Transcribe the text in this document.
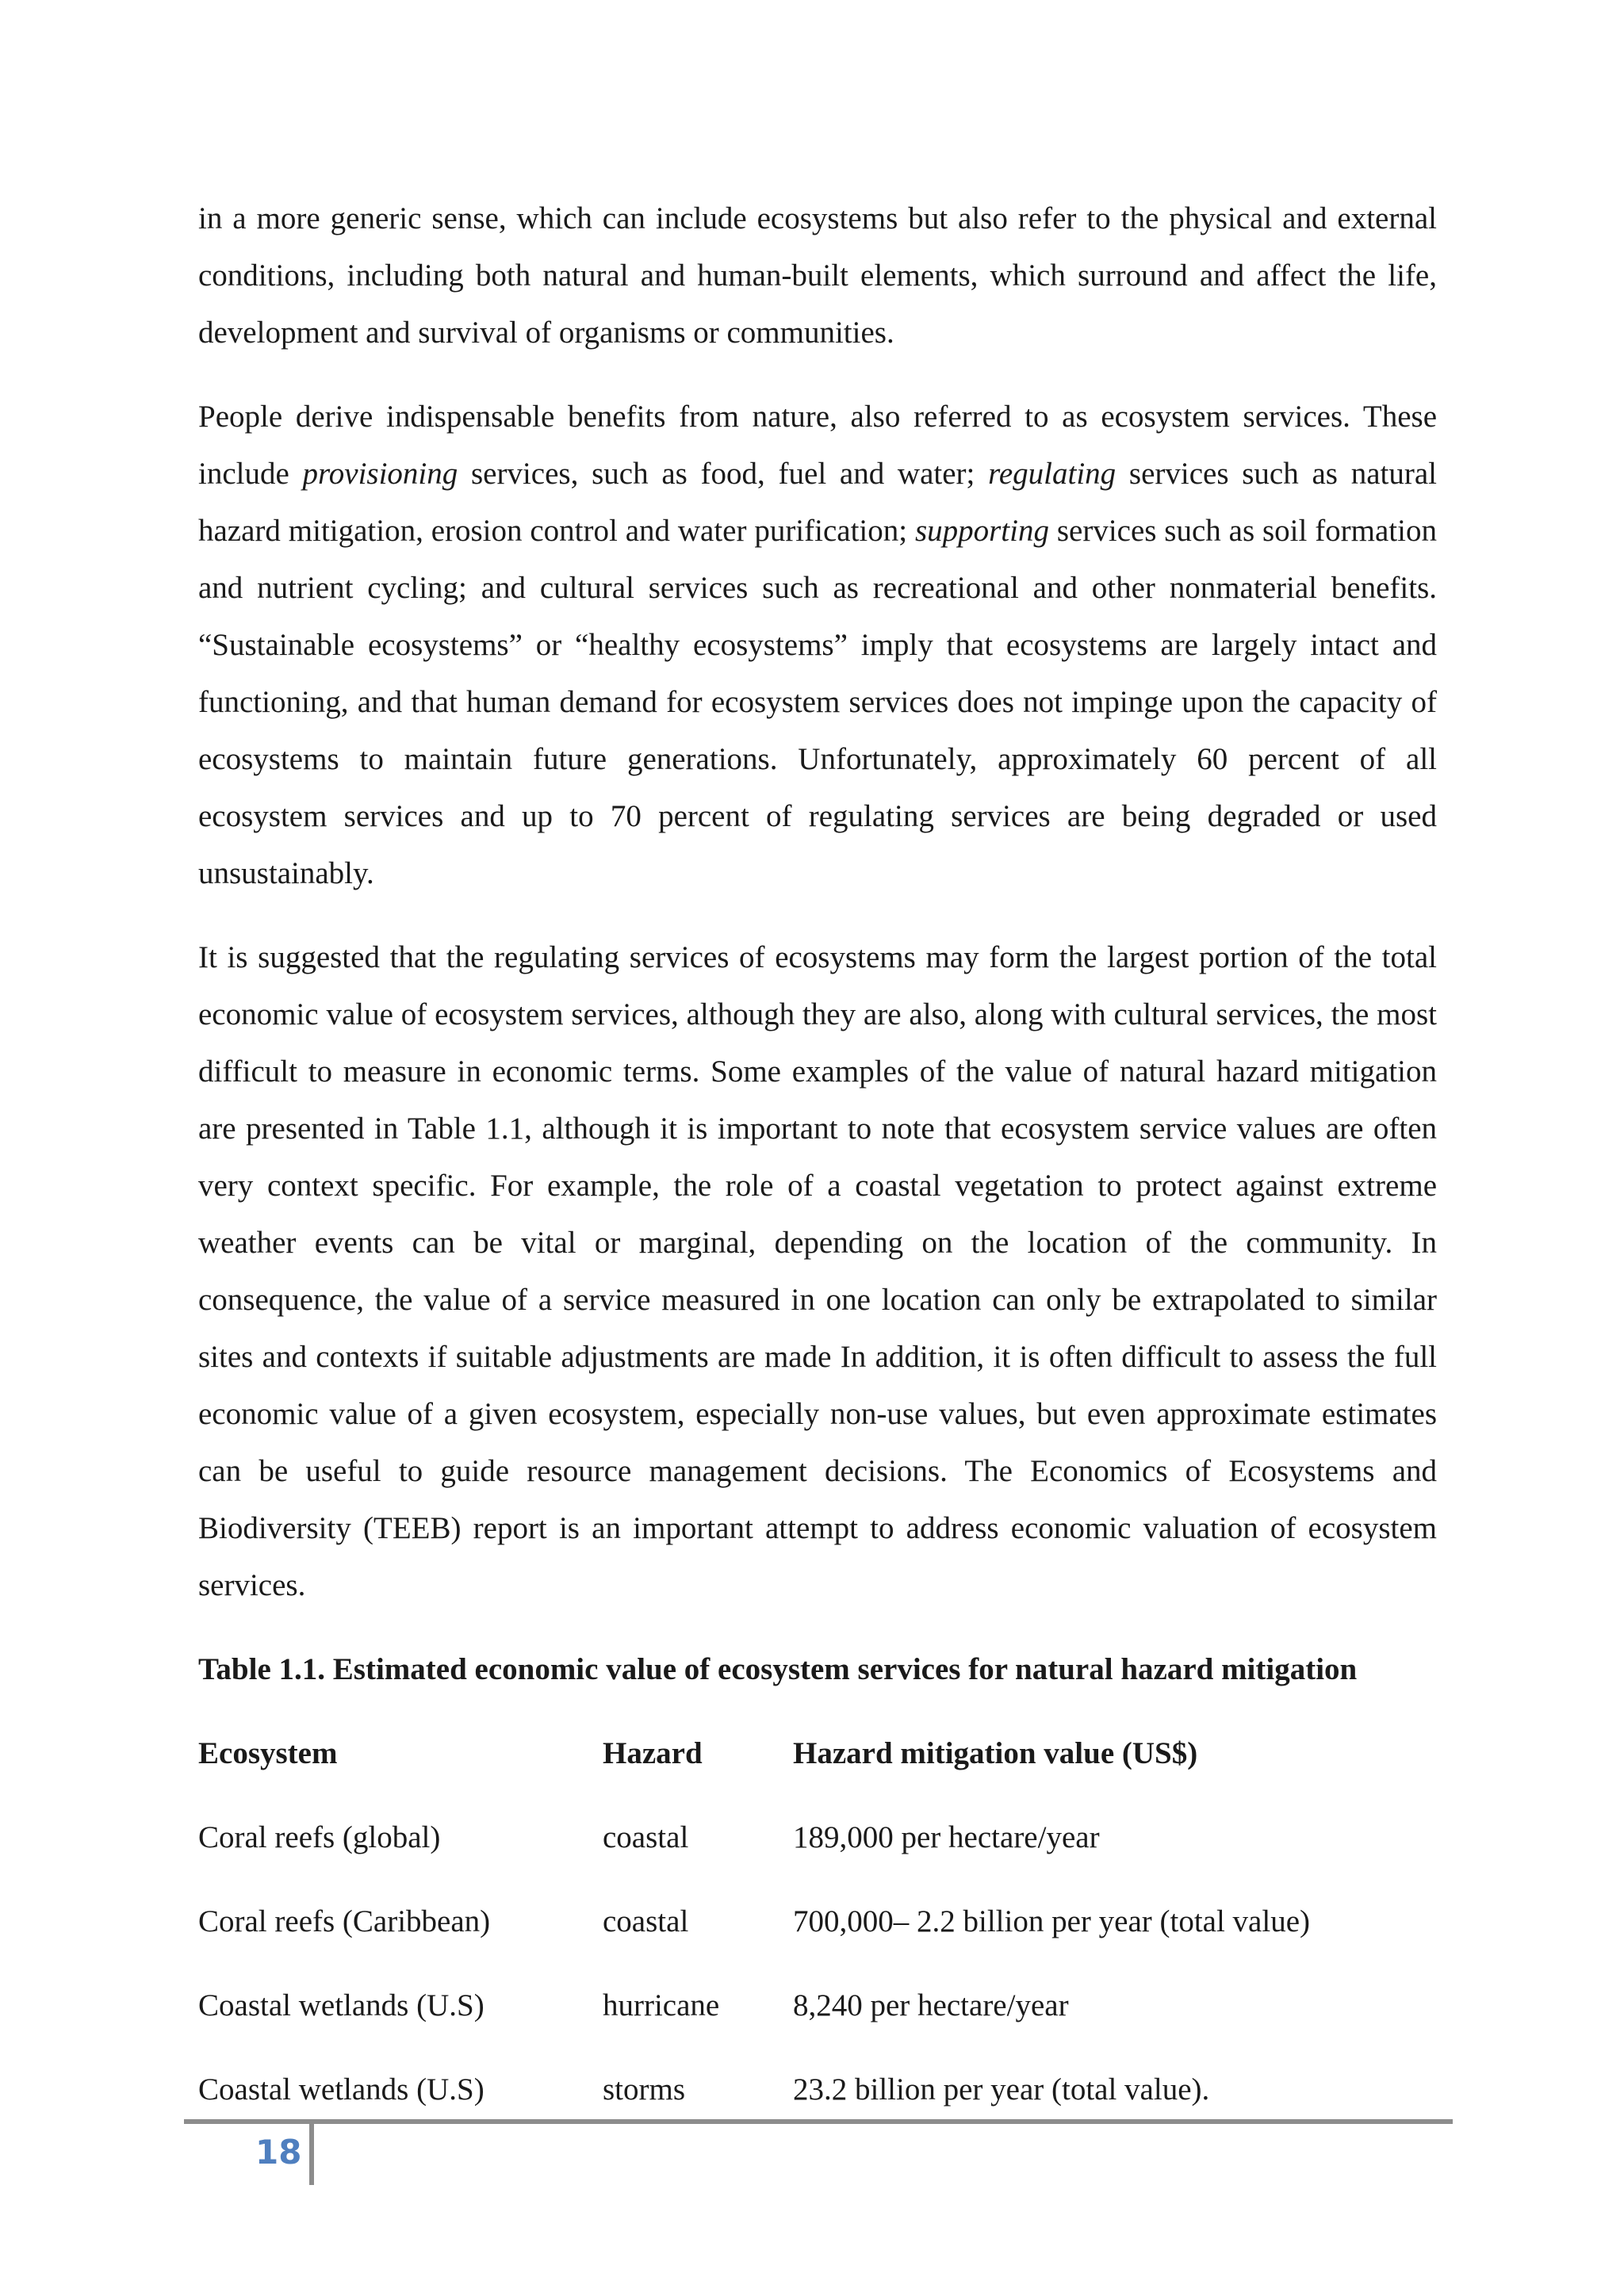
in a more generic sense, which can include ecosystems but also refer to the physical and external conditions, including both natural and human-built elements, which surround and affect the life, development and survival of organisms or communities.

People derive indispensable benefits from nature, also referred to as ecosystem services. These include provisioning services, such as food, fuel and water; regulating services such as natural hazard mitigation, erosion control and water purification; supporting services such as soil formation and nutrient cycling; and cultural services such as recreational and other nonmaterial benefits. “Sustainable ecosystems” or “healthy ecosystems” imply that ecosystems are largely intact and functioning, and that human demand for ecosystem services does not impinge upon the capacity of ecosystems to maintain future generations. Unfortunately, approximately 60 percent of all ecosystem services and up to 70 percent of regulating services are being degraded or used unsustainably.

It is suggested that the regulating services of ecosystems may form the largest portion of the total economic value of ecosystem services, although they are also, along with cultural services, the most difficult to measure in economic terms. Some examples of the value of natural hazard mitigation are presented in Table 1.1, although it is important to note that ecosystem service values are often very context specific. For example, the role of a coastal vegetation to protect against extreme weather events can be vital or marginal, depending on the location of the community. In consequence, the value of a service measured in one location can only be extrapolated to similar sites and contexts if suitable adjustments are made In addition, it is often difficult to assess the full economic value of a given ecosystem, especially non-use values, but even approximate estimates can be useful to guide resource management decisions. The Economics of Ecosystems and Biodiversity (TEEB) report is an important attempt to address economic valuation of ecosystem services.

Table 1.1. Estimated economic value of ecosystem services for natural hazard mitigation

Ecosystem	Hazard	Hazard mitigation value (US$)
Coral reefs (global)	coastal	189,000 per hectare/year
Coral reefs (Caribbean)	coastal	700,000– 2.2 billion per year (total value)
Coastal wetlands (U.S)	hurricane	8,240 per hectare/year
Coastal wetlands (U.S)	storms	23.2 billion per year (total value).
18
